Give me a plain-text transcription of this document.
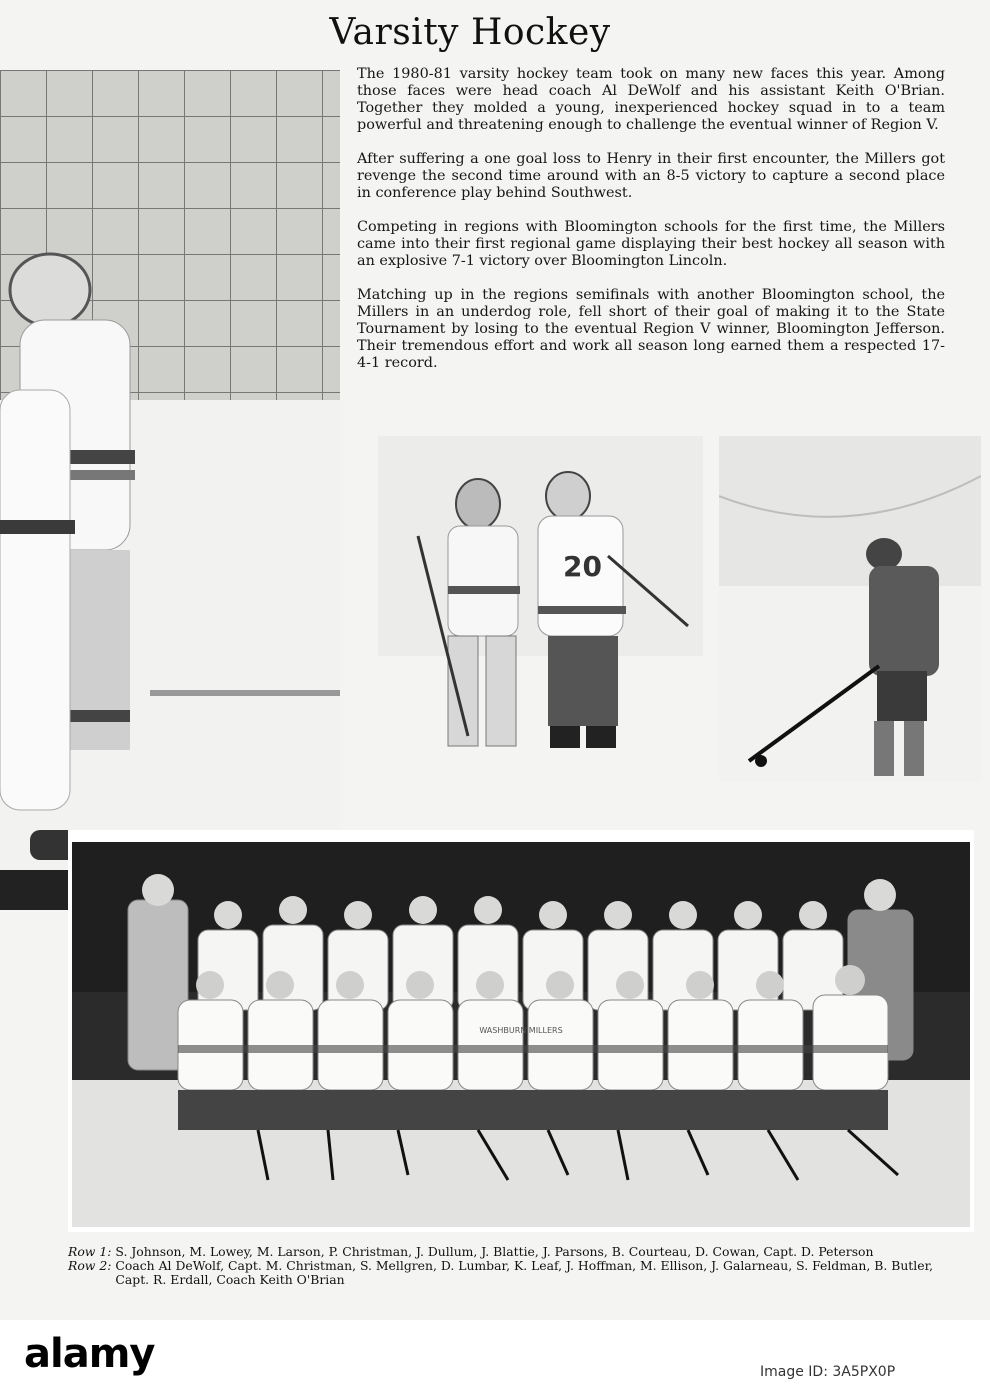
Varsity Hockey

The 1980-81 varsity hockey team took on many new faces this year. Among those faces were head coach Al DeWolf and his assistant Keith O'Brian. Together they molded a young, inexperienced hockey squad in to a team powerful and threatening enough to challenge the eventual winner of Region V.

After suffering a one goal loss to Henry in their first encounter, the Millers got revenge the second time around with an 8-5 victory to capture a second place in conference play behind Southwest.

Competing in regions with Bloomington schools for the first time, the Millers came into their first regional game displaying their best hockey all season with an explosive 7-1 victory over Bloomington Lincoln.

Matching up in the regions semifinals with another Bloomington school, the Millers in an underdog role, fell short of their goal of making it to the State Tournament by losing to the eventual Region V winner, Bloomington Jefferson. Their tremendous effort and work all season long earned them a respected 17-4-1 record.

20
WASHBURN MILLERS
Row 1: S. Johnson, M. Lowey, M. Larson, P. Christman, J. Dullum, J. Blattie, J. Parsons, B. Courteau, D. Cowan, Capt. D. Peterson
Row 2: Coach Al DeWolf, Capt. M. Christman, S. Mellgren, D. Lumbar, K. Leaf, J. Hoffman, M. Ellison, J. Galarneau, S. Feldman, B. Butler, Capt. R. Erdall, Coach Keith O'Brian
alamy	Image ID: 3A5PX0P
